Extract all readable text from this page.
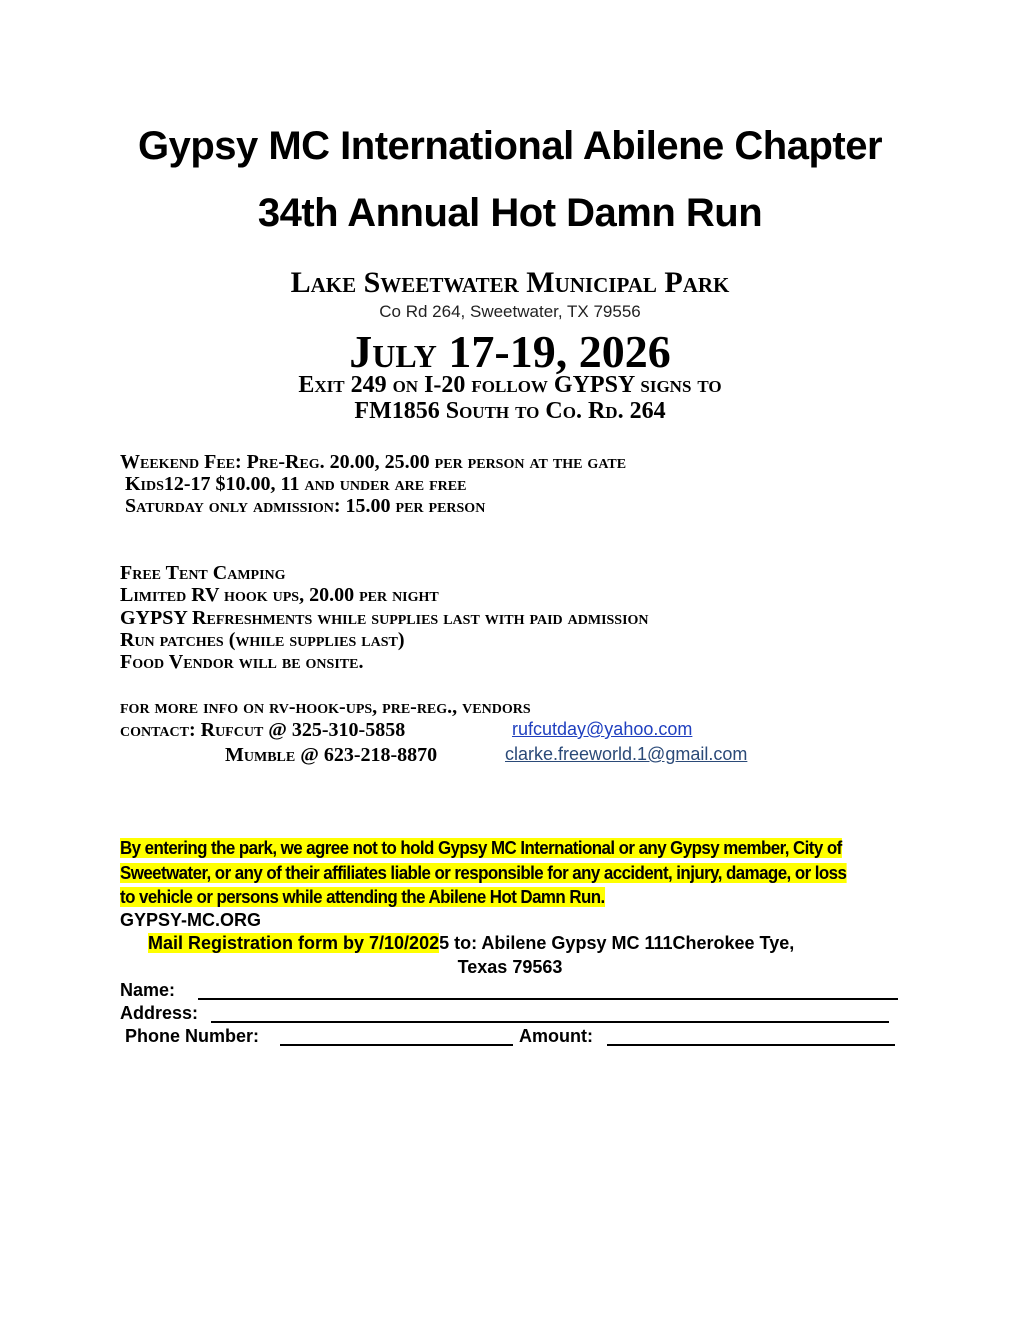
Gypsy MC International Abilene Chapter
34th Annual Hot Damn Run
Lake Sweetwater Municipal Park
Co Rd 264, Sweetwater, TX 79556
July 17-19, 2026
Exit 249 on I-20 follow GYPSY signs to
FM1856 South to Co. Rd. 264
Weekend Fee: Pre-Reg. 20.00, 25.00 per person at the gate
Kids12-17 $10.00, 11 and under are free
Saturday only admission: 15.00 per person
Free Tent Camping
Limited RV hook ups, 20.00 per night
GYPSY Refreshments while supplies last with paid admission
Run patches (while supplies last)
Food Vendor will be onsite.
for more info on rv-hook-ups, pre-reg., vendors
contact: Rufcut @ 325-310-5858	rufcutday@yahoo.com
Mumble @ 623-218-8870	clarke.freeworld.1@gmail.com
By entering the park, we agree not to hold Gypsy MC International or any Gypsy member, City of Sweetwater, or any of their affiliates liable or responsible for any accident, injury, damage, or loss to vehicle or persons while attending the Abilene Hot Damn Run.
GYPSY-MC.ORG
Mail Registration form by 7/10/2025 to: Abilene Gypsy MC 111Cherokee Tye,
Texas 79563
Name:
Address:
Phone Number:	Amount:
